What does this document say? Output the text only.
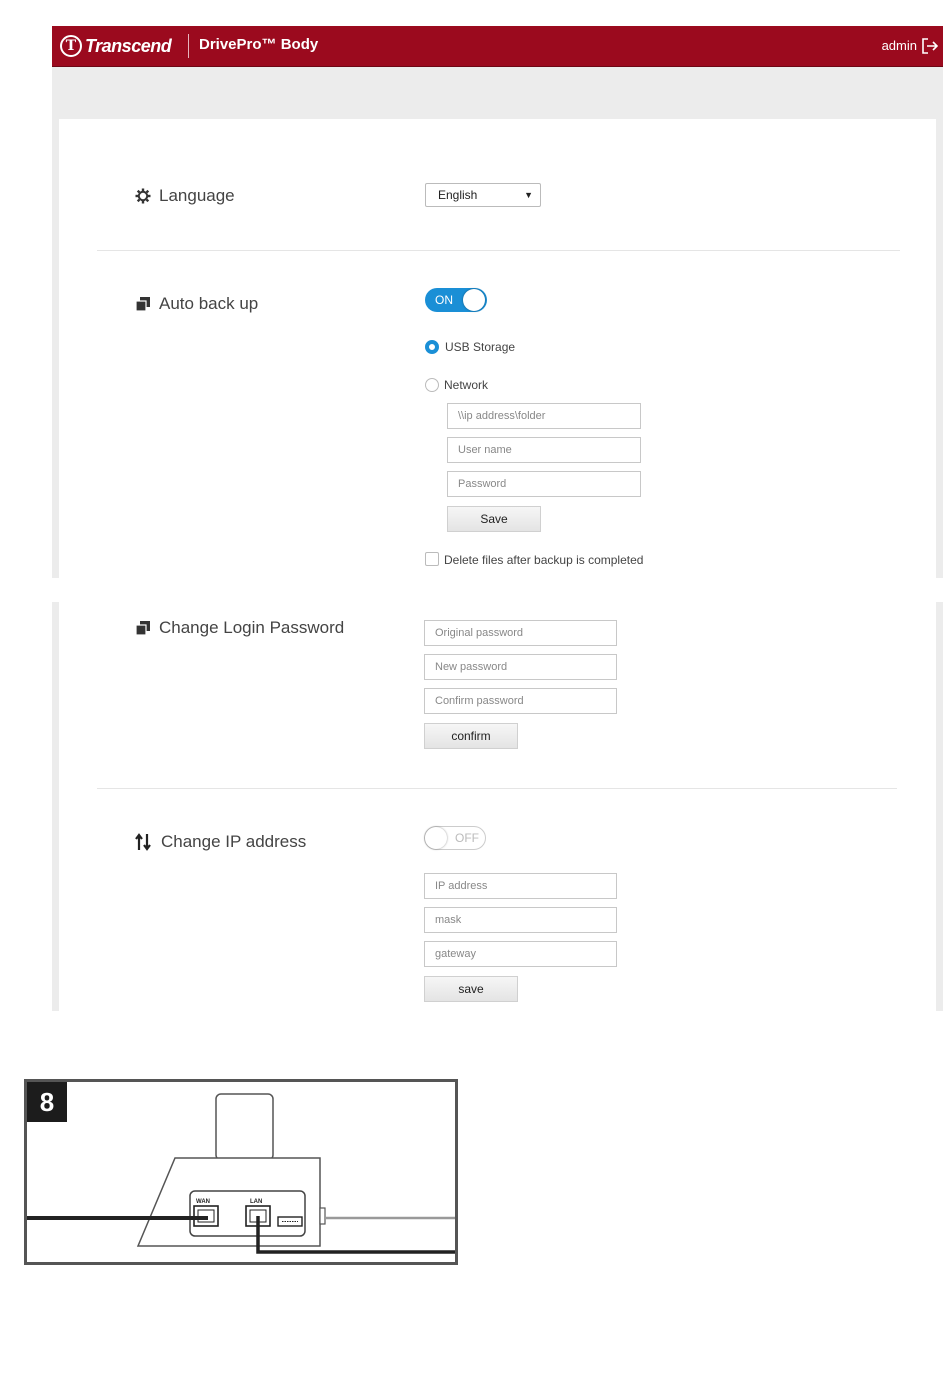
T Transcend DrivePro™ Body	admin
Language	English	▼
Auto back up	ON
USB Storage
Network
\\ip address\folder
User name
Password
Save
Delete files after backup is completed
Change Login Password
Original password
New password
Confirm password
confirm
Change IP address	OFF
IP address
mask
gateway
save
8
WAN	LAN
